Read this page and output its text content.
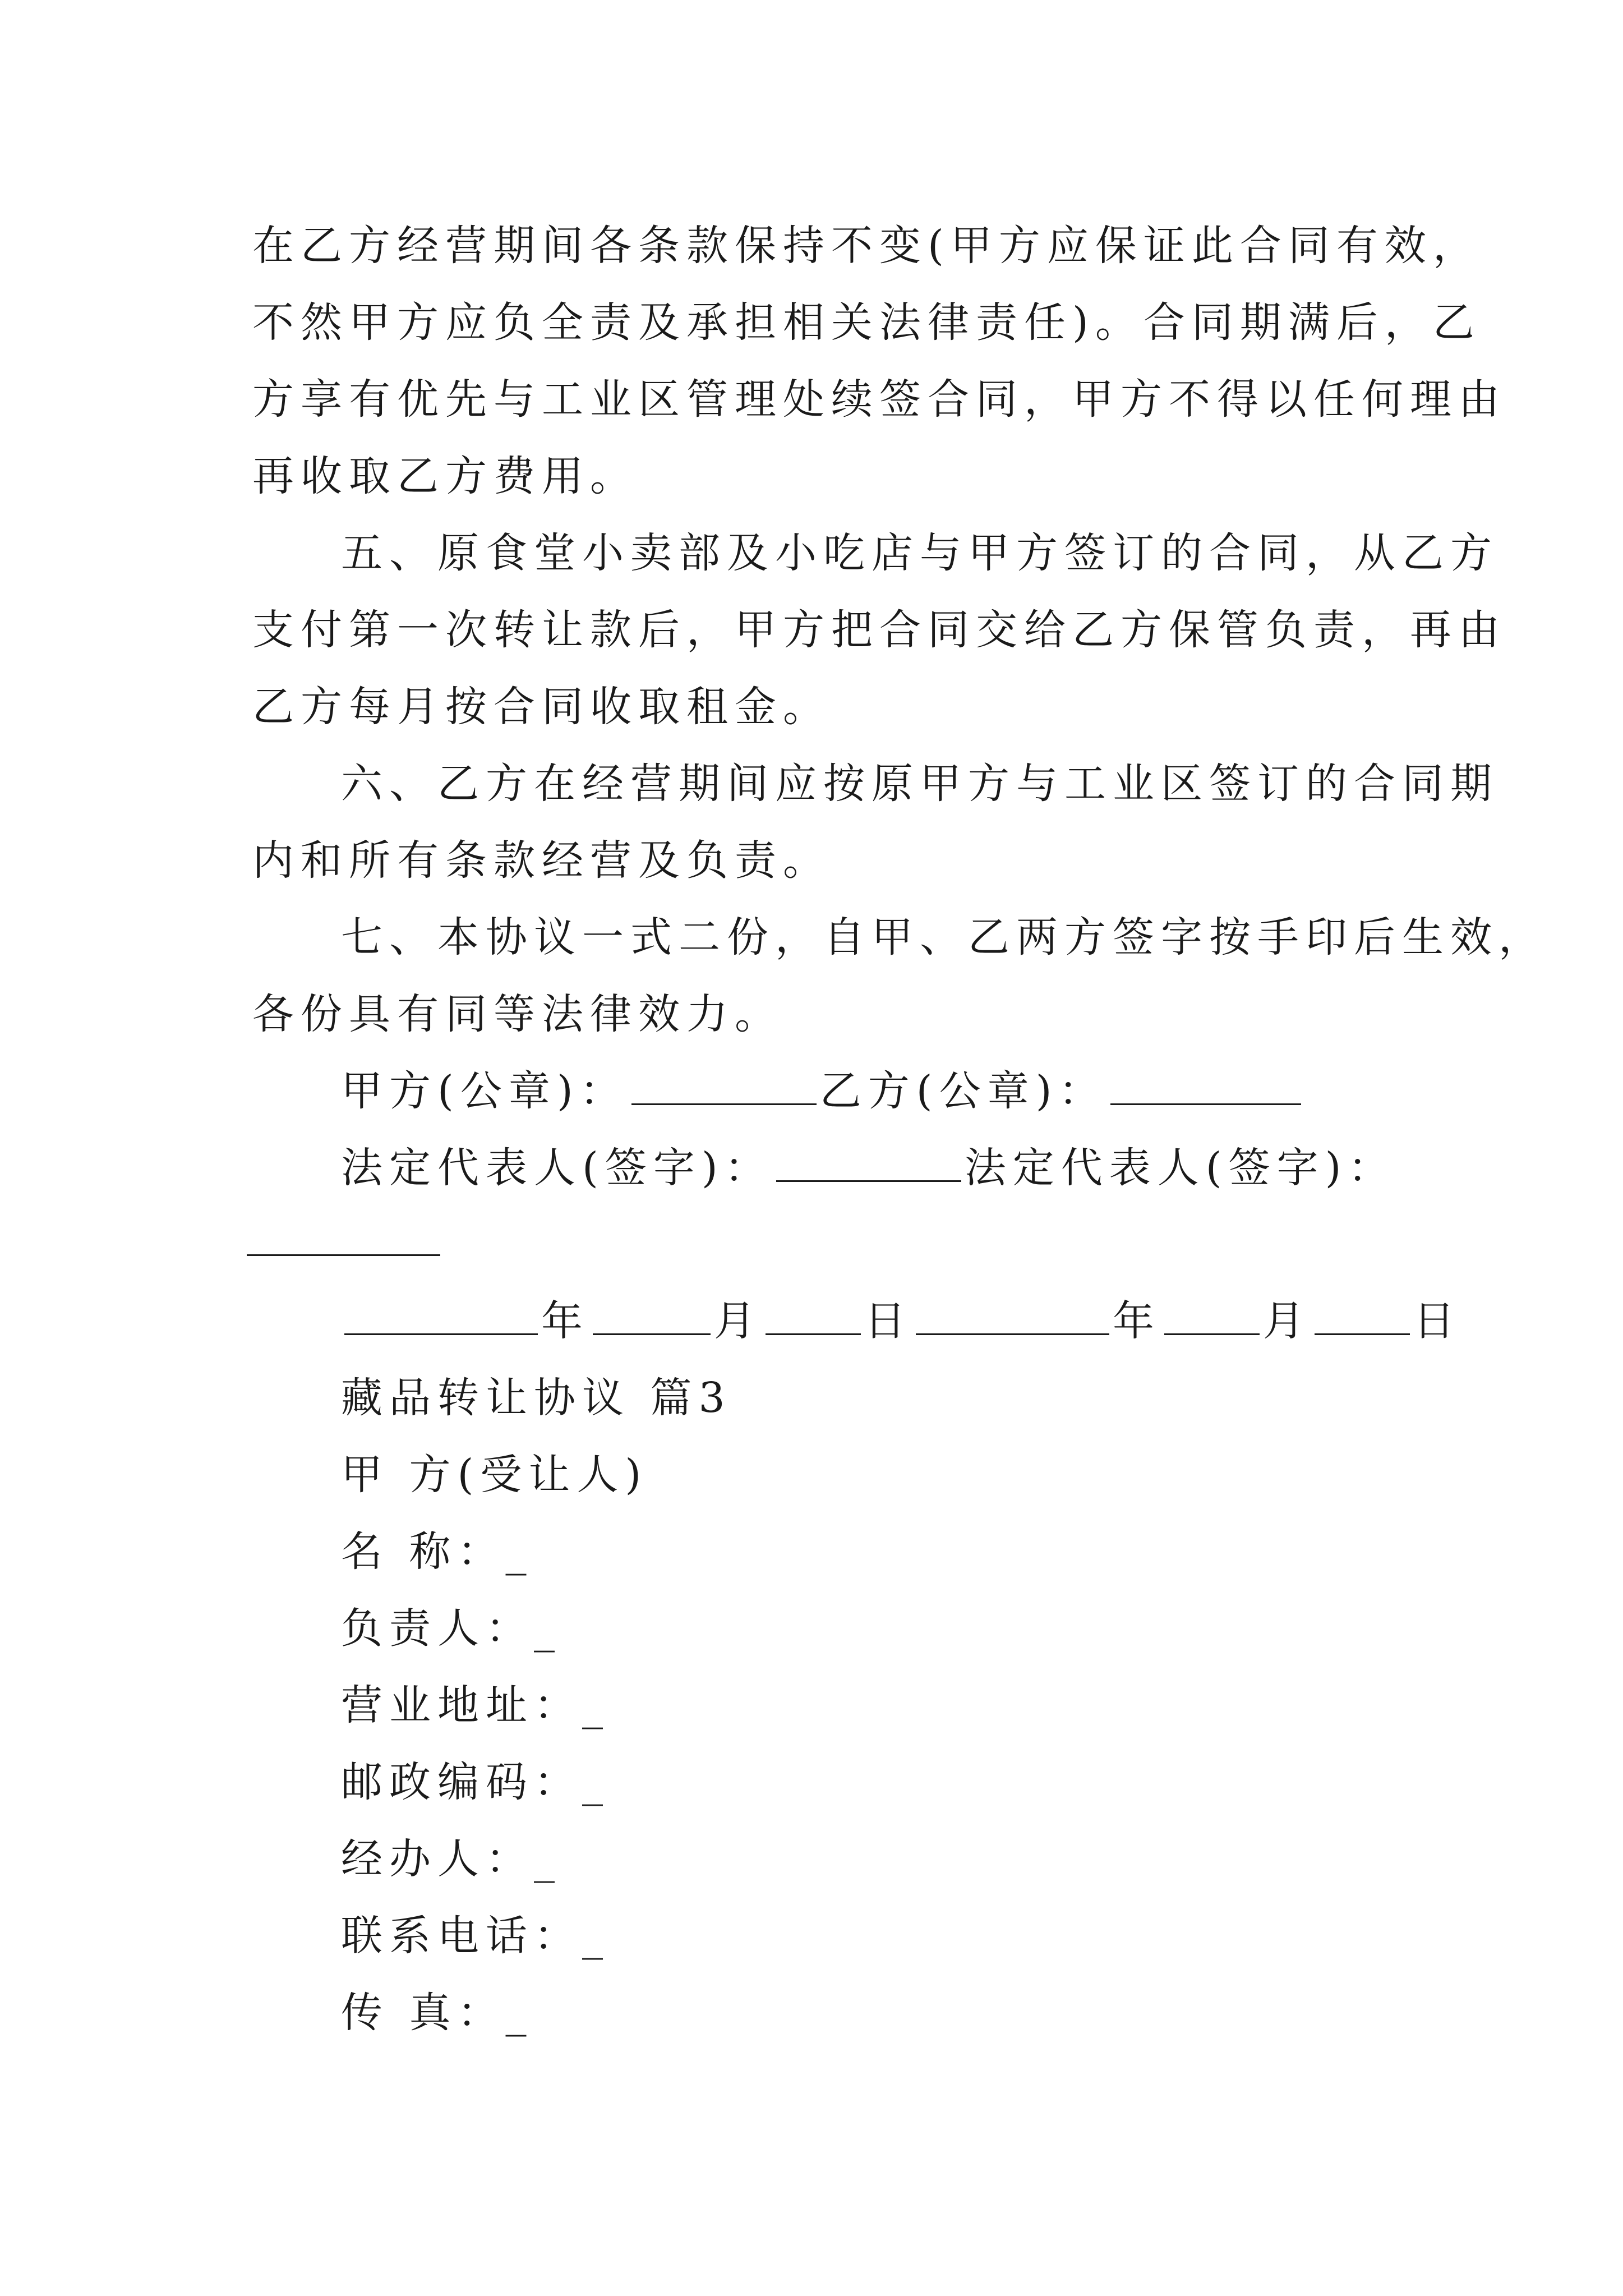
在乙方经营期间各条款保持不变(甲方应保证此合同有效，
不然甲方应负全责及承担相关法律责任)。合同期满后，乙
方享有优先与工业区管理处续签合同，甲方不得以任何理由
再收取乙方费用。
五、原食堂小卖部及小吃店与甲方签订的合同，从乙方
支付第一次转让款后，甲方把合同交给乙方保管负责，再由
乙方每月按合同收取租金。
六、乙方在经营期间应按原甲方与工业区签订的合同期
内和所有条款经营及负责。
七、本协议一式二份，自甲、乙两方签字按手印后生效，
各份具有同等法律效力。
甲方(公章)：	乙方(公章)：
法定代表人(签字)：	法定代表人(签字)：
年	月 日	年 月 日
藏品转让协议 篇3
甲 方(受让人)
名 称：_
负责人：_
营业地址：_
邮政编码：_
经办人：_
联系电话：_
传 真：_
